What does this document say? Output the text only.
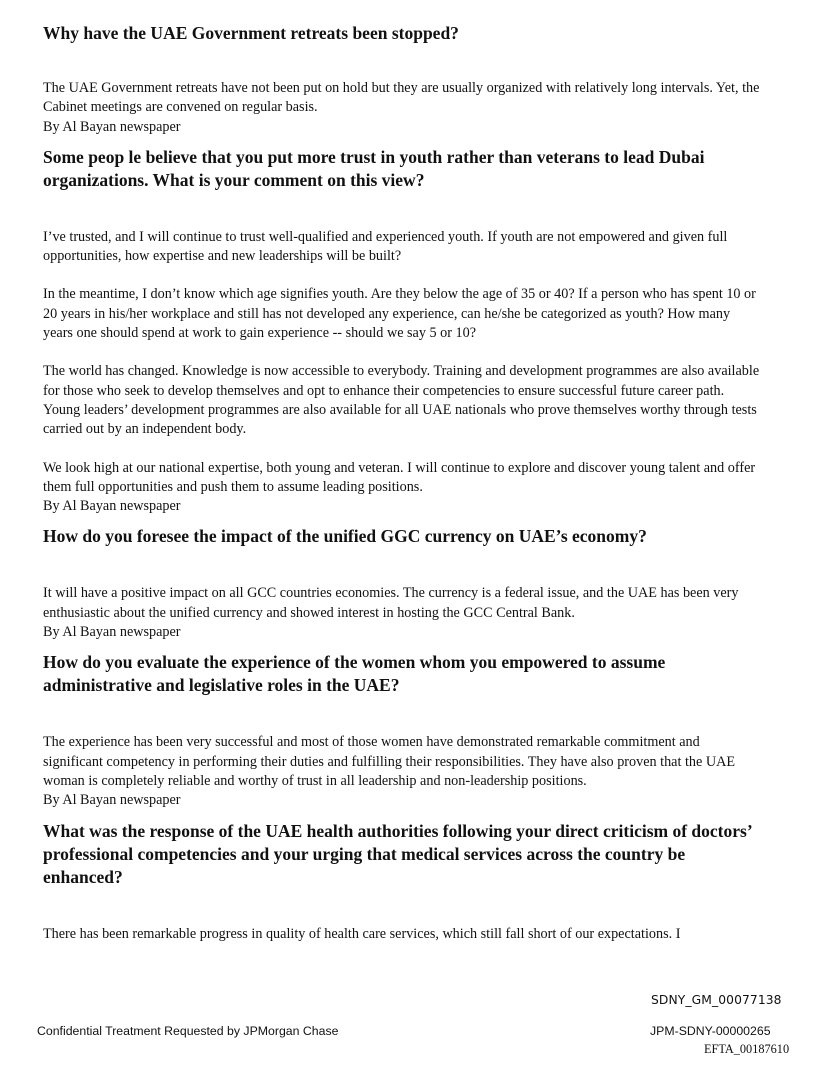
Why have the UAE Government retreats been stopped?

The UAE Government retreats have not been put on hold but they are usually organized with relatively long intervals. Yet, the Cabinet meetings are convened on regular basis.

By Al Bayan newspaper

Some peop le believe that you put more trust in youth rather than veterans to lead Dubai organizations. What is your comment on this view?

I’ve trusted, and I will continue to trust well-qualified and experienced youth. If youth are not empowered and given full opportunities, how expertise and new leaderships will be built?

In the meantime, I don’t know which age signifies youth. Are they below the age of 35 or 40? If a person who has spent 10 or 20 years in his/her workplace and still has not developed any experience, can he/she be categorized as youth? How many years one should spend at work to gain experience -- should we say 5 or 10?

The world has changed. Knowledge is now accessible to everybody. Training and development programmes are also available for those who seek to develop themselves and opt to enhance their competencies to ensure successful future career path. Young leaders’ development programmes are also available for all UAE nationals who prove themselves worthy through tests carried out by an independent body.

We look high at our national expertise, both young and veteran. I will continue to explore and discover young talent and offer them full opportunities and push them to assume leading positions.

By Al Bayan newspaper

How do you foresee the impact of the unified GGC currency on UAE’s economy?

It will have a positive impact on all GCC countries economies. The currency is a federal issue, and the UAE has been very enthusiastic about the unified currency and showed interest in hosting the GCC Central Bank.

By Al Bayan newspaper

How do you evaluate the experience of the women whom you empowered to assume administrative and legislative roles in the UAE?

The experience has been very successful and most of those women have demonstrated remarkable commitment and significant competency in performing their duties and fulfilling their responsibilities. They have also proven that the UAE woman is completely reliable and worthy of trust in all leadership and non-leadership positions.

By Al Bayan newspaper

What was the response of the UAE health authorities following your direct criticism of doctors’ professional competencies and your urging that medical services across the country be enhanced?

There has been remarkable progress in quality of health care services, which still fall short of our expectations. I

SDNY_GM_00077138
Confidential Treatment Requested by JPMorgan Chase	JPM-SDNY-00000265
EFTA_00187610
